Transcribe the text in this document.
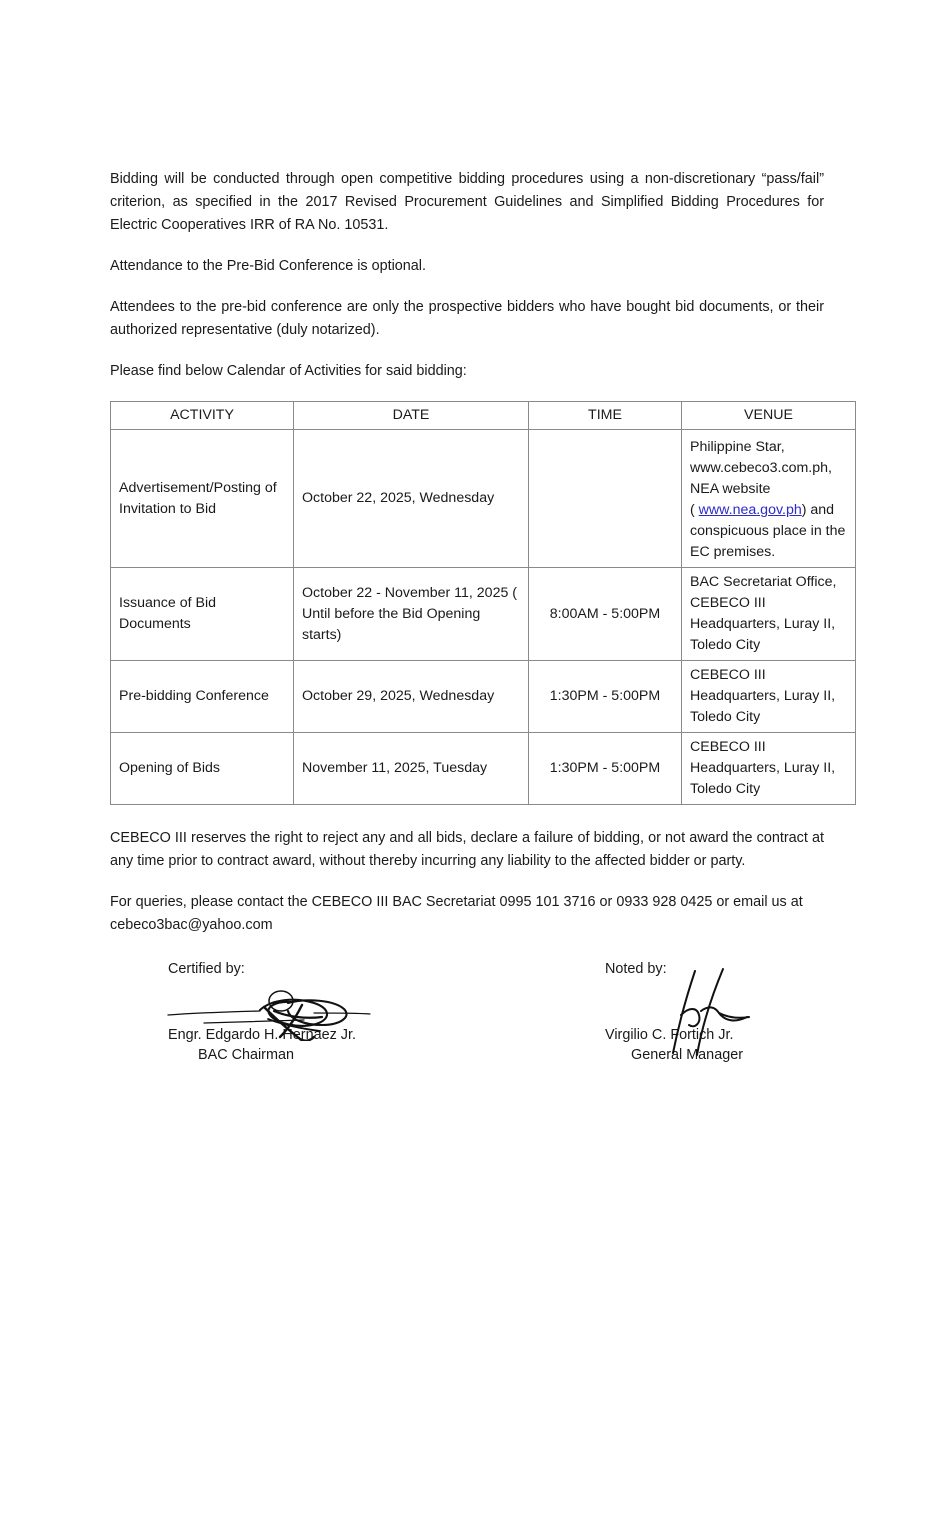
Bidding will be conducted through open competitive bidding procedures using a non-discretionary “pass/fail” criterion, as specified in the 2017 Revised Procurement Guidelines and Simplified Bidding Procedures for Electric Cooperatives IRR of RA No. 10531.

Attendance to the Pre-Bid Conference is optional.

Attendees to the pre-bid conference are only the prospective bidders who have bought bid documents, or their authorized representative (duly notarized).

Please find below Calendar of Activities for said bidding:

ACTIVITY	DATE	TIME	VENUE
Advertisement/Posting of Invitation to Bid	October 22, 2025, Wednesday		Philippine Star, www.cebeco3.com.ph, NEA website ( www.nea.gov.ph) and conspicuous place in the EC premises.
Issuance of Bid Documents	October 22 - November 11, 2025 ( Until before the Bid Opening starts)	8:00AM - 5:00PM	BAC Secretariat Office, CEBECO III Headquarters, Luray II, Toledo City
Pre-bidding Conference	October 29, 2025, Wednesday	1:30PM - 5:00PM	CEBECO III Headquarters, Luray II, Toledo City
Opening of Bids	November 11, 2025, Tuesday	1:30PM - 5:00PM	CEBECO III Headquarters, Luray II, Toledo City

CEBECO III reserves the right to reject any and all bids, declare a failure of bidding, or not award the contract at any time prior to contract award, without thereby incurring any liability to the affected bidder or party.

For queries, please contact the CEBECO III BAC Secretariat 0995 101 3716 or 0933 928 0425 or email us at cebeco3bac@yahoo.com

Certified by:

Engr. Edgardo H. Hernaez Jr.

BAC Chairman

Noted by:

Virgilio C. Fortich Jr.

General Manager
